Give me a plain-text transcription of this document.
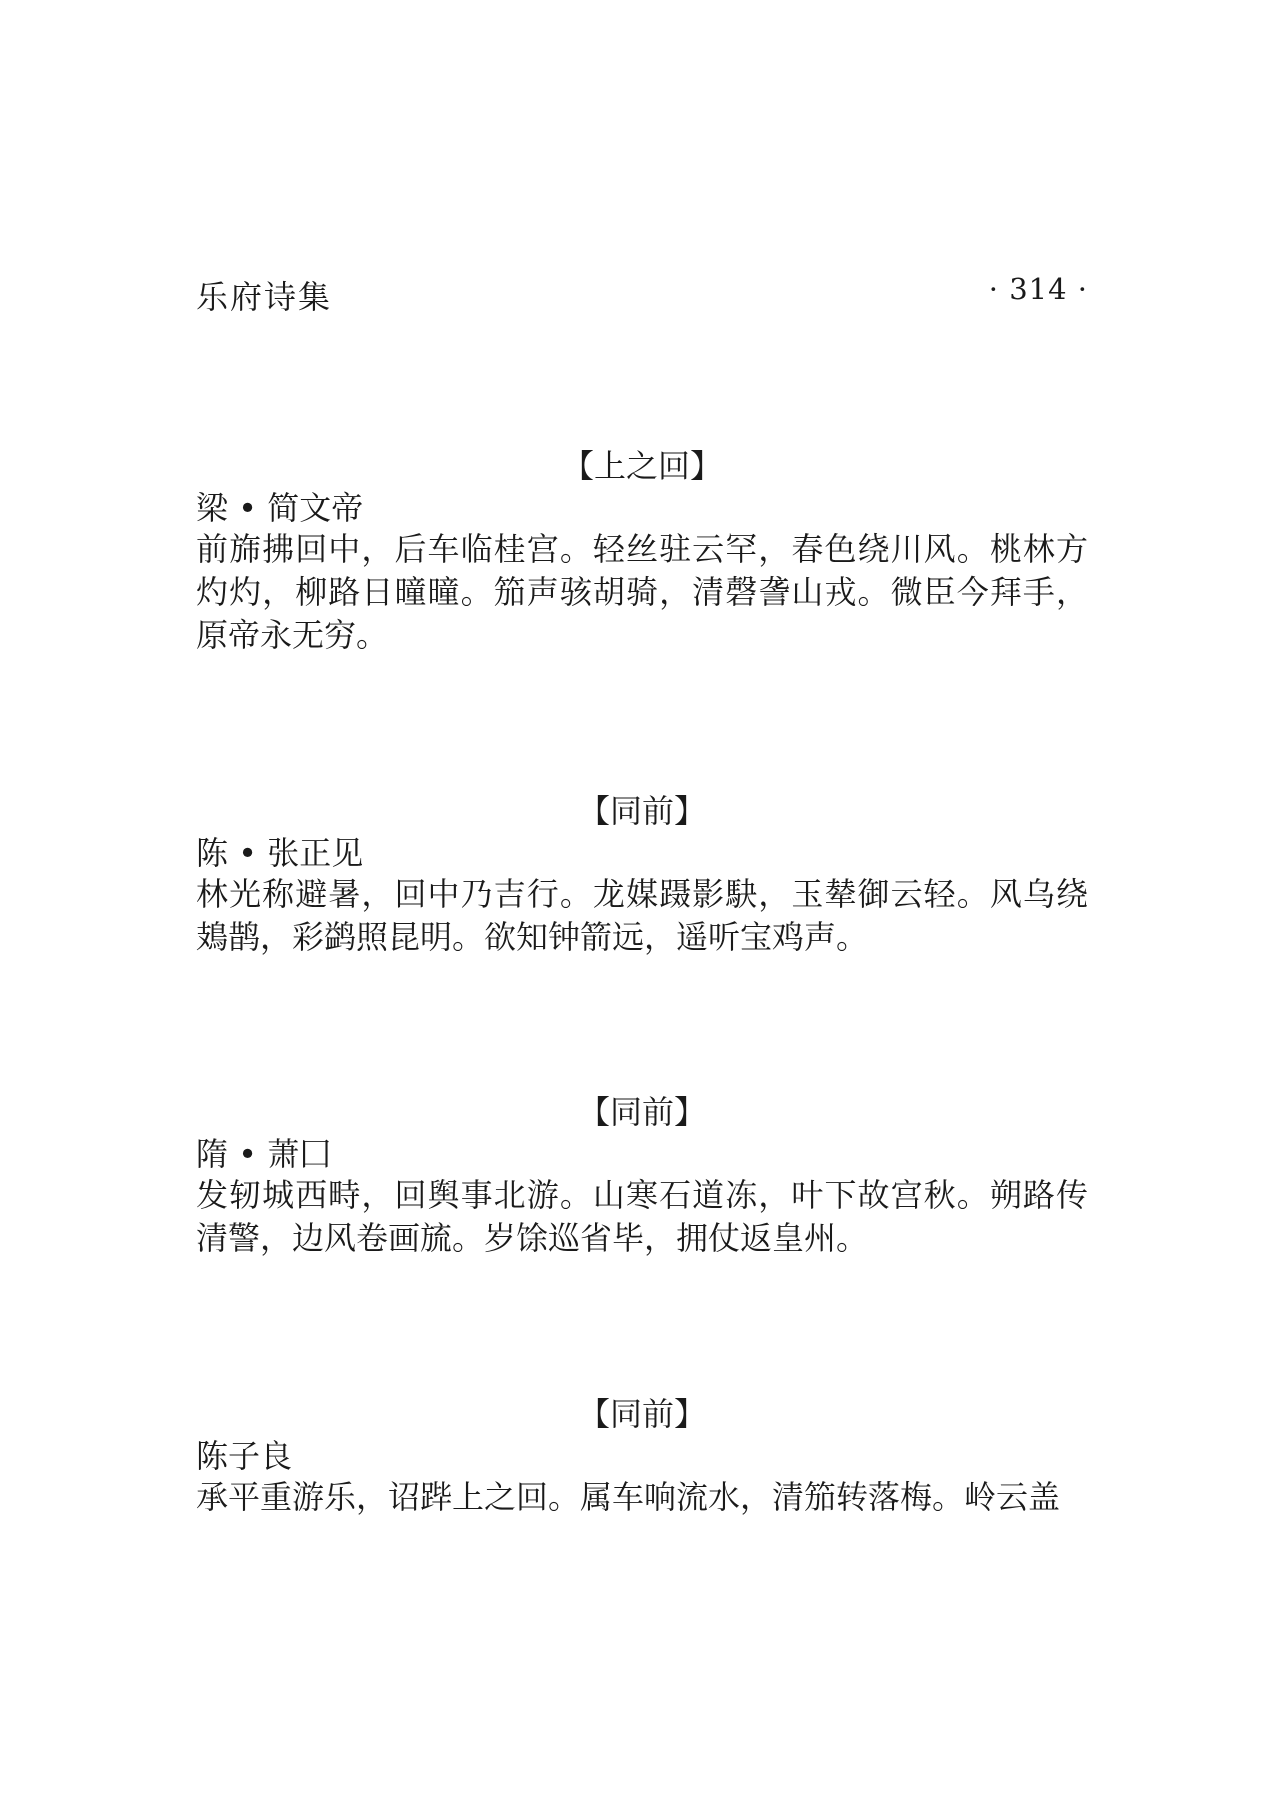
乐府诗集	· 314 ·
【上之回】
梁 • 简文帝
前旆拂回中，后车临桂宫。轻丝驻云罕，春色绕川风。桃林方灼灼，柳路日曈曈。笳声骇胡骑，清磬詟山戎。微臣今拜手，原帝永无穷。
【同前】
陈 • 张正见
林光称避暑，回中乃吉行。龙媒蹑影駃，玉辇御云轻。风乌绕鳷鹊，彩鹢照昆明。欲知钟箭远，遥听宝鸡声。
【同前】
隋 • 萧囗
发轫城西畤，回舆事北游。山寒石道冻，叶下故宫秋。朔路传清警，边风卷画旈。岁馀巡省毕，拥仗返皇州。
【同前】
陈子良
承平重游乐，诏跸上之回。属车响流水，清笳转落梅。岭云盖
